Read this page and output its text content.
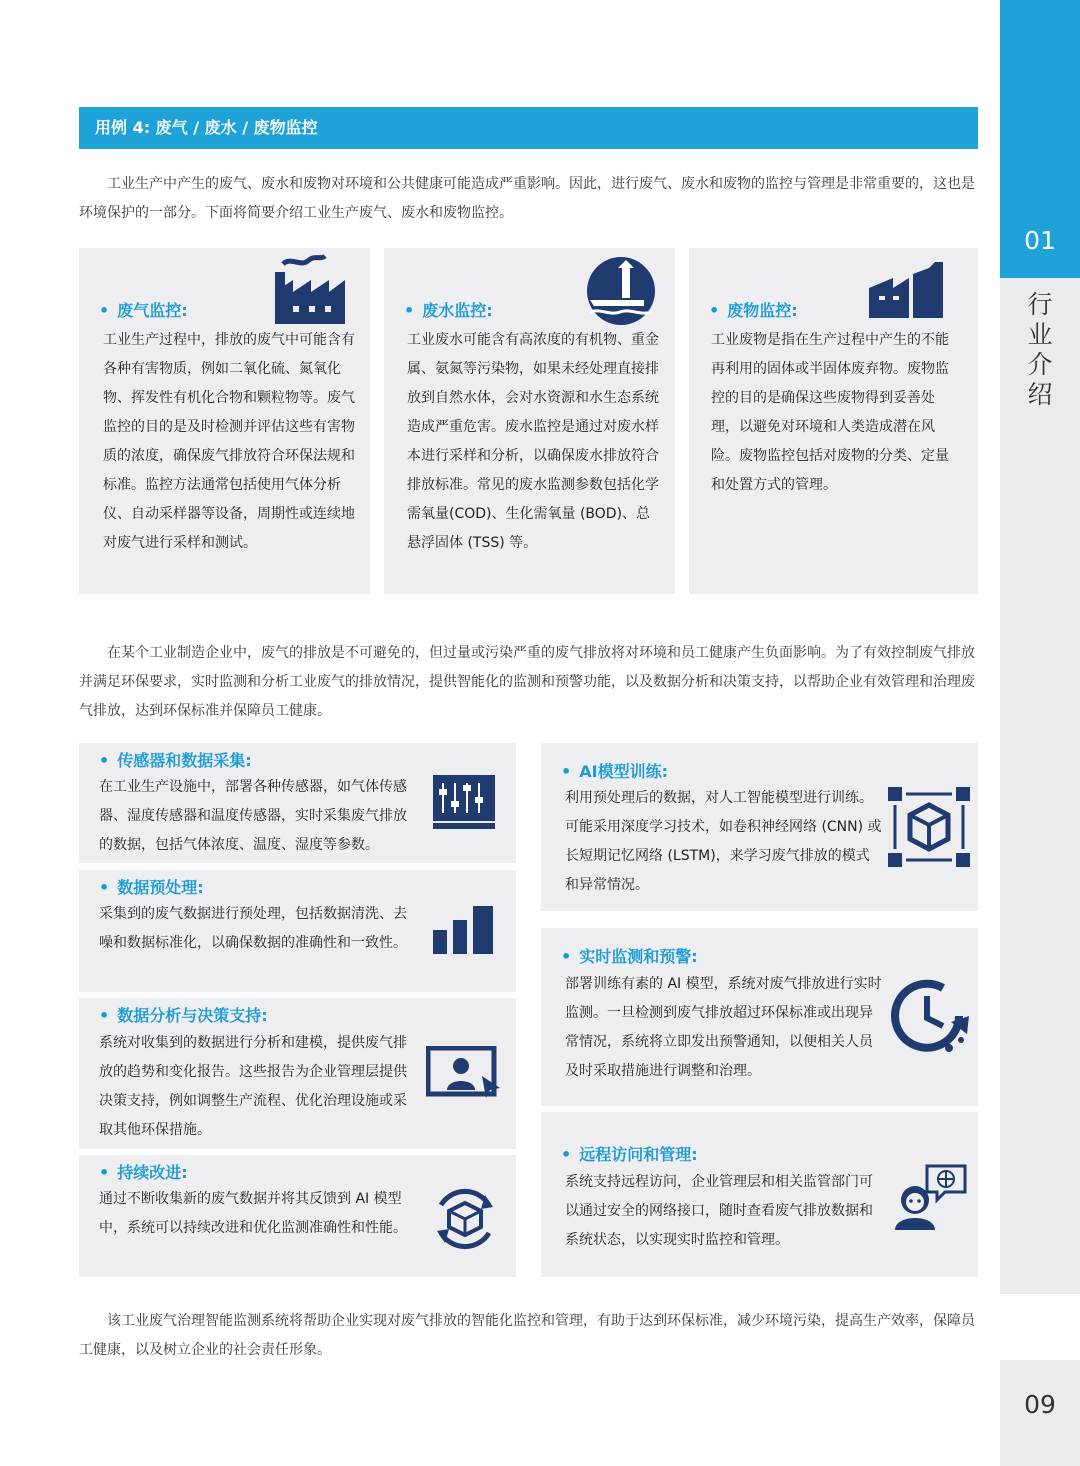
01
行业介绍
09
用例 4: 废气 / 废水 / 废物监控

工业生产中产生的废气、废水和废物对环境和公共健康可能造成严重影响。因此，进行废气、废水和废物的监控与管理是非常重要的，这也是环境保护的一部分。下面将简要介绍工业生产废气、废水和废物监控。

• 废气监控:

工业生产过程中，排放的废气中可能含有各种有害物质，例如二氧化硫、氮氧化物、挥发性有机化合物和颗粒物等。废气监控的目的是及时检测并评估这些有害物质的浓度，确保废气排放符合环保法规和标准。监控方法通常包括使用气体分析仪、自动采样器等设备，周期性或连续地对废气进行采样和测试。

• 废水监控:

工业废水可能含有高浓度的有机物、重金属、氨氮等污染物，如果未经处理直接排放到自然水体，会对水资源和水生态系统造成严重危害。废水监控是通过对废水样本进行采样和分析，以确保废水排放符合排放标准。常见的废水监测参数包括化学需氧量(COD)、生化需氧量 (BOD)、总悬浮固体 (TSS) 等。

• 废物监控:

工业废物是指在生产过程中产生的不能再利用的固体或半固体废弃物。废物监控的目的是确保这些废物得到妥善处理，以避免对环境和人类造成潜在风险。废物监控包括对废物的分类、定量和处置方式的管理。

在某个工业制造企业中，废气的排放是不可避免的，但过量或污染严重的废气排放将对环境和员工健康产生负面影响。为了有效控制废气排放并满足环保要求，实时监测和分析工业废气的排放情况，提供智能化的监测和预警功能，以及数据分析和决策支持，以帮助企业有效管理和治理废气排放，达到环保标准并保障员工健康。

• 传感器和数据采集:

在工业生产设施中，部署各种传感器，如气体传感器、湿度传感器和温度传感器，实时采集废气排放的数据，包括气体浓度、温度、湿度等参数。

• 数据预处理:

采集到的废气数据进行预处理，包括数据清洗、去噪和数据标准化，以确保数据的准确性和一致性。

• 数据分析与决策支持:

系统对收集到的数据进行分析和建模，提供废气排放的趋势和变化报告。这些报告为企业管理层提供决策支持，例如调整生产流程、优化治理设施或采取其他环保措施。

• 持续改进:

通过不断收集新的废气数据并将其反馈到 AI 模型中，系统可以持续改进和优化监测准确性和性能。

• AI模型训练:

利用预处理后的数据，对人工智能模型进行训练。可能采用深度学习技术，如卷积神经网络 (CNN) 或长短期记忆网络 (LSTM)，来学习废气排放的模式和异常情况。

• 实时监测和预警:

部署训练有素的 AI 模型，系统对废气排放进行实时监测。一旦检测到废气排放超过环保标准或出现异常情况，系统将立即发出预警通知，以便相关人员及时采取措施进行调整和治理。

• 远程访问和管理:

系统支持远程访问，企业管理层和相关监管部门可以通过安全的网络接口，随时查看废气排放数据和系统状态，以实现实时监控和管理。

该工业废气治理智能监测系统将帮助企业实现对废气排放的智能化监控和管理，有助于达到环保标准，减少环境污染，提高生产效率，保障员工健康，以及树立企业的社会责任形象。
